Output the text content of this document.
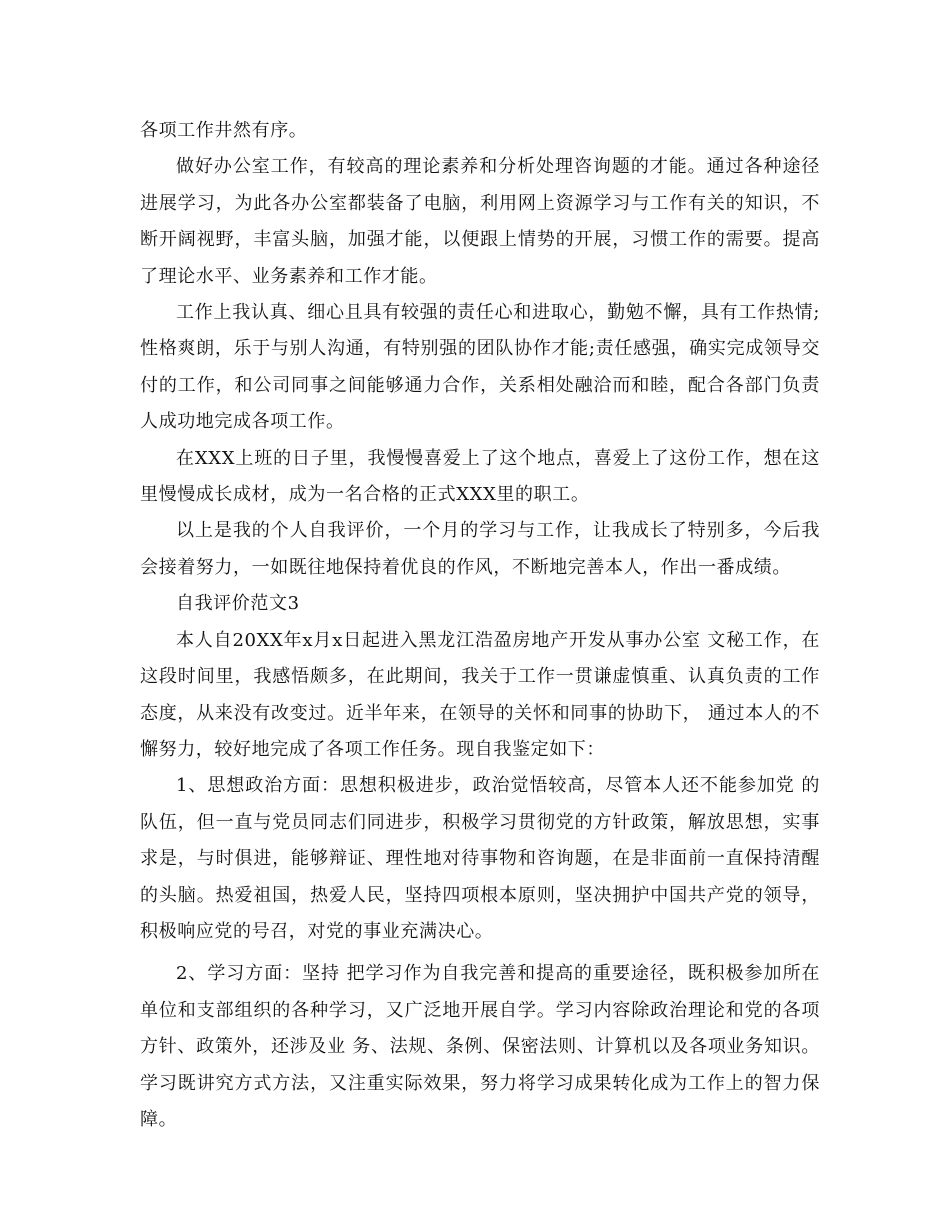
各项工作井然有序。

做好办公室工作，有较高的理论素养和分析处理咨询题的才能。通过各种途径进展学习，为此各办公室都装备了电脑，利用网上资源学习与工作有关的知识，不断开阔视野，丰富头脑，加强才能，以便跟上情势的开展，习惯工作的需要。提高了理论水平、业务素养和工作才能。

工作上我认真、细心且具有较强的责任心和进取心，勤勉不懈，具有工作热情;性格爽朗，乐于与别人沟通，有特别强的团队协作才能;责任感强，确实完成领导交付的工作，和公司同事之间能够通力合作，关系相处融洽而和睦，配合各部门负责人成功地完成各项工作。

在XXX上班的日子里，我慢慢喜爱上了这个地点，喜爱上了这份工作，想在这里慢慢成长成材，成为一名合格的正式XXX里的职工。

以上是我的个人自我评价，一个月的学习与工作，让我成长了特别多，今后我会接着努力，一如既往地保持着优良的作风，不断地完善本人，作出一番成绩。

自我评价范文3

本人自20XX年x月x日起进入黑龙江浩盈房地产开发从事办公室 文秘工作，在这段时间里，我感悟颇多，在此期间，我关于工作一贯谦虚慎重、认真负责的工作态度，从来没有改变过。近半年来，在领导的关怀和同事的协助下， 通过本人的不懈努力，较好地完成了各项工作任务。现自我鉴定如下：

1、思想政治方面：思想积极进步，政治觉悟较高，尽管本人还不能参加党 的队伍，但一直与党员同志们同进步，积极学习贯彻党的方针政策，解放思想，实事求是，与时俱进，能够辩证、理性地对待事物和咨询题，在是非面前一直保持清醒的头脑。热爱祖国，热爱人民，坚持四项根本原则，坚决拥护中国共产党的领导，积极响应党的号召，对党的事业充满决心。

2、学习方面：坚持 把学习作为自我完善和提高的重要途径，既积极参加所在单位和支部组织的各种学习，又广泛地开展自学。学习内容除政治理论和党的各项方针、政策外，还涉及业 务、法规、条例、保密法则、计算机以及各项业务知识。学习既讲究方式方法，又注重实际效果，努力将学习成果转化成为工作上的智力保障。
